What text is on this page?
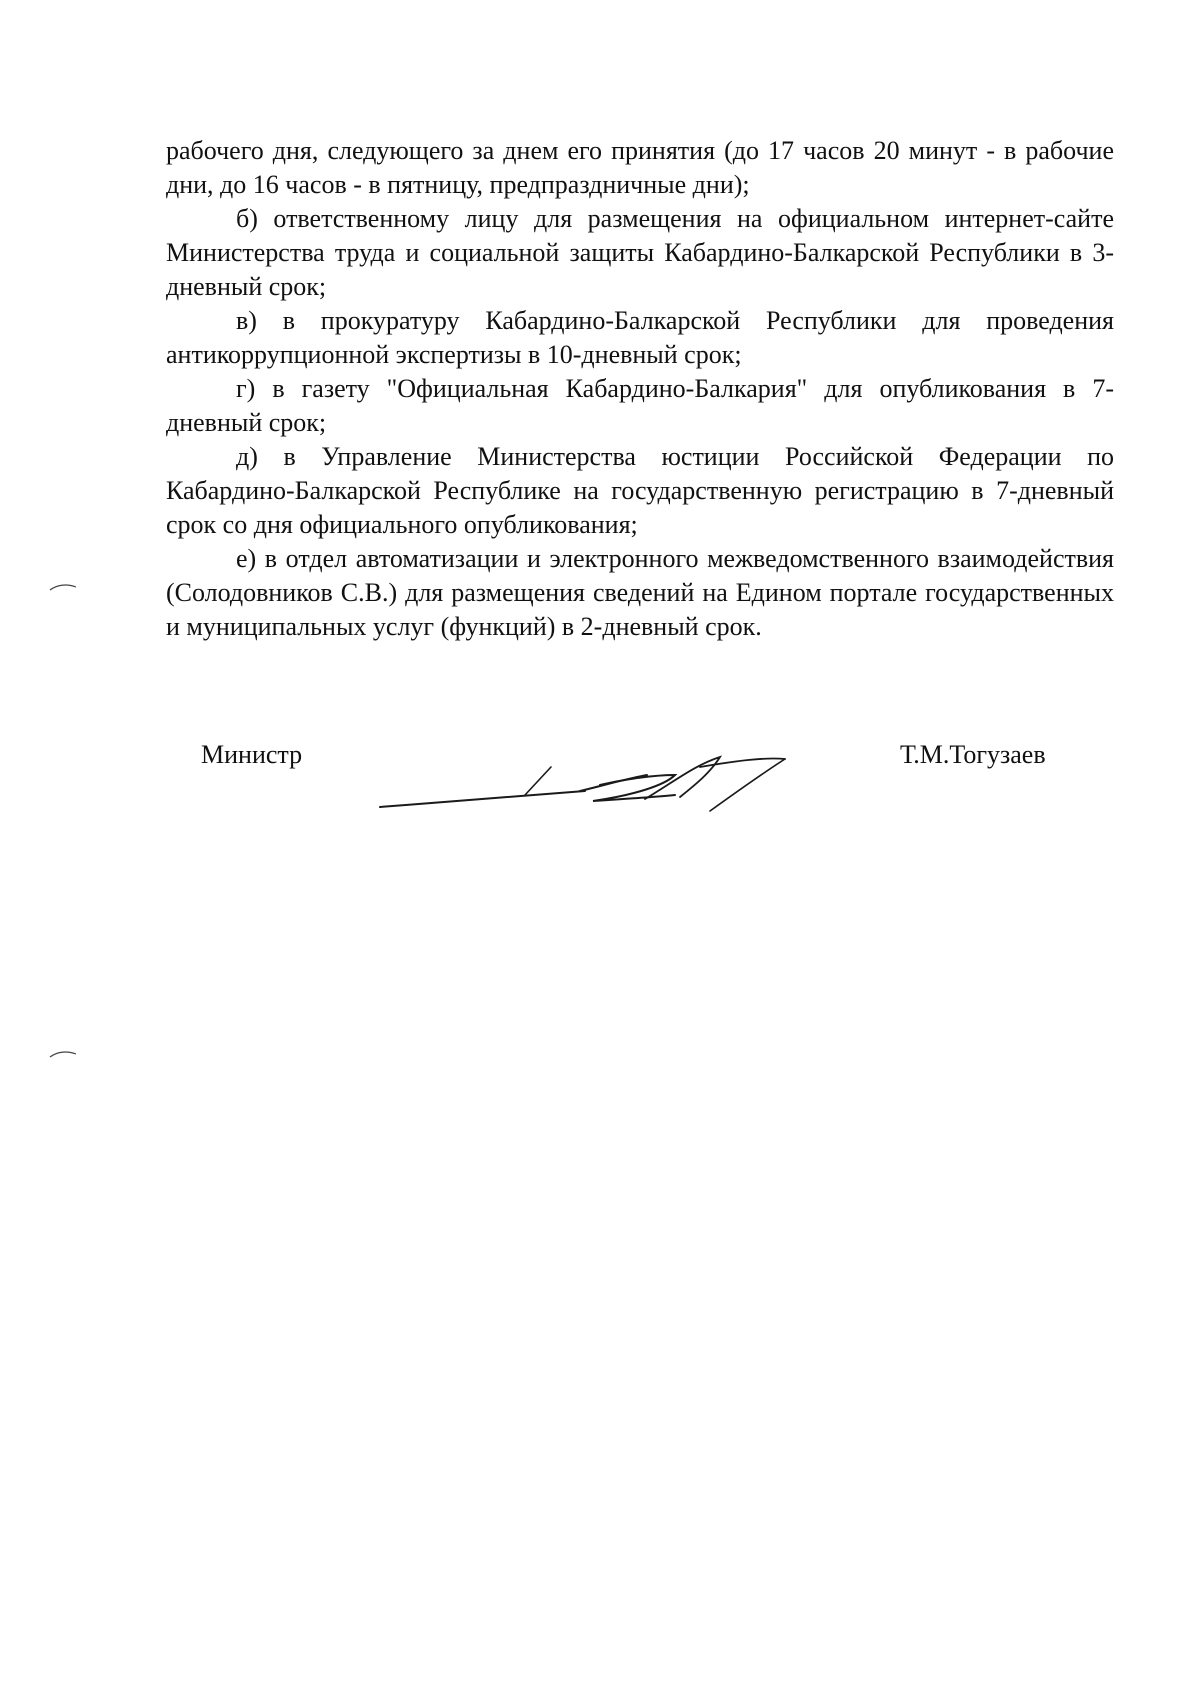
рабочего дня, следующего за днем его принятия (до 17 часов 20 минут - в рабочие дни, до 16 часов - в пятницу, предпраздничные дни);

б) ответственному лицу для размещения на официальном интернет-сайте Министерства труда и социальной защиты Кабардино-Балкарской Республики в 3-дневный срок;

в) в прокуратуру Кабардино-Балкарской Республики для проведения антикоррупционной экспертизы в 10-дневный срок;

г) в газету "Официальная Кабардино-Балкария" для опубликования в 7-дневный срок;

д) в Управление Министерства юстиции Российской Федерации по Кабардино-Балкарской Республике на государственную регистрацию в 7-дневный срок со дня официального опубликования;

е) в отдел автоматизации и электронного межведомственного взаимодействия (Солодовников С.В.) для размещения сведений на Едином портале государственных и муниципальных услуг (функций) в 2-дневный срок.

Министр	Т.М.Тогузаев
